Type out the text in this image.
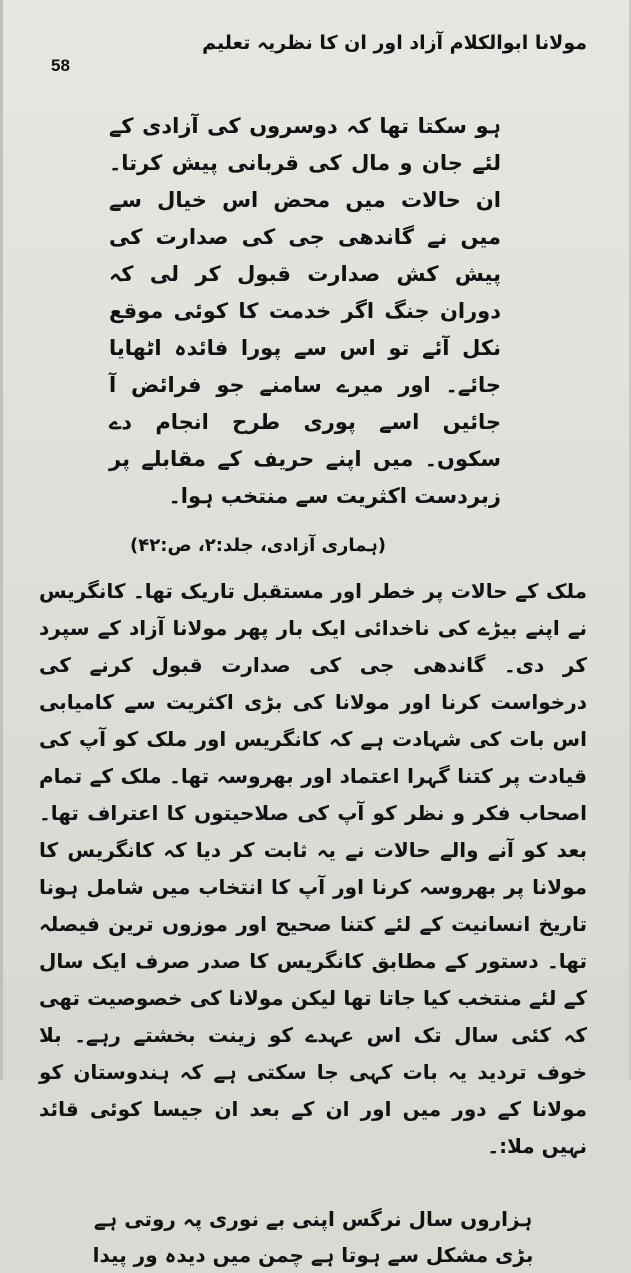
58
مولانا ابوالکلام آزاد اور ان کا نظریہ تعلیم
ہو سکتا تھا کہ دوسروں کی آزادی کے لئے جان و مال کی قربانی پیش کرتا۔ ان حالات میں محض اس خیال سے میں نے گاندھی جی کی صدارت کی پیش کش صدارت قبول کر لی کہ دوران جنگ اگر خدمت کا کوئی موقع نکل آئے تو اس سے پورا فائدہ اٹھایا جائے۔ اور میرے سامنے جو فرائض آ جائیں اسے پوری طرح انجام دے سکوں۔ میں اپنے حریف کے مقابلے پر زبردست اکثریت سے منتخب ہوا۔
(ہماری آزادی، جلد:۲، ص:۴۲)
ملک کے حالات پر خطر اور مستقبل تاریک تھا۔ کانگریس نے اپنے بیڑے کی ناخدائی ایک بار پھر مولانا آزاد کے سپرد کر دی۔ گاندھی جی کی صدارت قبول کرنے کی درخواست کرنا اور مولانا کی بڑی اکثریت سے کامیابی اس بات کی شہادت ہے کہ کانگریس اور ملک کو آپ کی قیادت پر کتنا گہرا اعتماد اور بھروسہ تھا۔ ملک کے تمام اصحاب فکر و نظر کو آپ کی صلاحیتوں کا اعتراف تھا۔ بعد کو آنے والے حالات نے یہ ثابت کر دیا کہ کانگریس کا مولانا پر بھروسہ کرنا اور آپ کا انتخاب میں شامل ہونا تاریخ انسانیت کے لئے کتنا صحیح اور موزوں ترین فیصلہ تھا۔ دستور کے مطابق کانگریس کا صدر صرف ایک سال کے لئے منتخب کیا جاتا تھا لیکن مولانا کی خصوصیت تھی کہ کئی سال تک اس عہدے کو زینت بخشتے رہے۔ بلا خوف تردید یہ بات کہی جا سکتی ہے کہ ہندوستان کو مولانا کے دور میں اور ان کے بعد ان جیسا کوئی قائد نہیں ملا:۔
ہزاروں سال نرگس اپنی بے نوری پہ روتی ہے
بڑی مشکل سے ہوتا ہے چمن میں دیدہ ور پیدا
